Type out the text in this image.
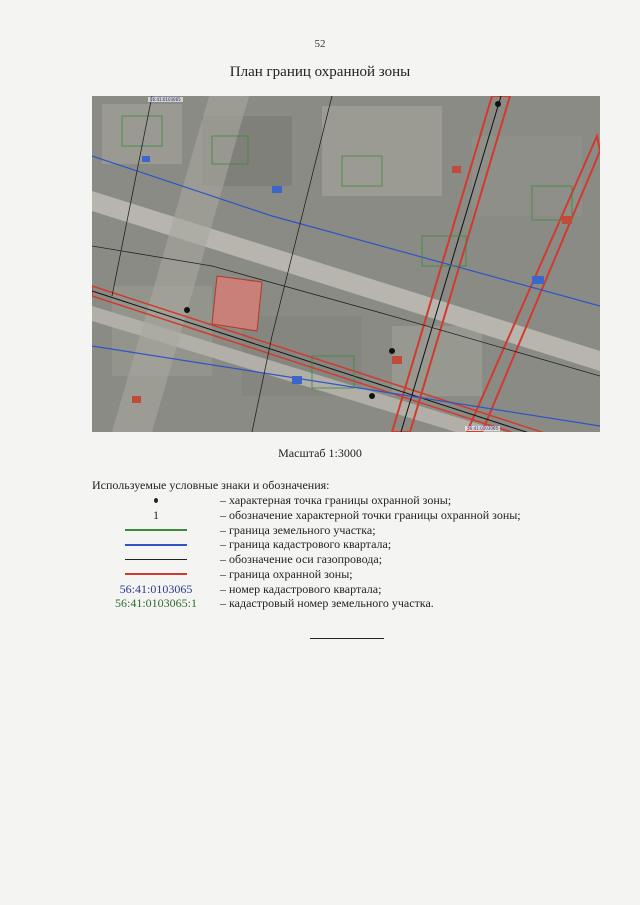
52
План границ охранной зоны
56:41:0103065
56:41:0103065
Масштаб 1:3000
Используемые условные знаки и обозначения:
– характерная точка границы охранной зоны;
1	– обозначение характерной точки границы охранной зоны;
– граница земельного участка;
– граница кадастрового квартала;
– обозначение оси газопровода;
– граница охранной зоны;
56:41:0103065	– номер кадастрового квартала;
56:41:0103065:1	– кадастровый номер земельного участка.
